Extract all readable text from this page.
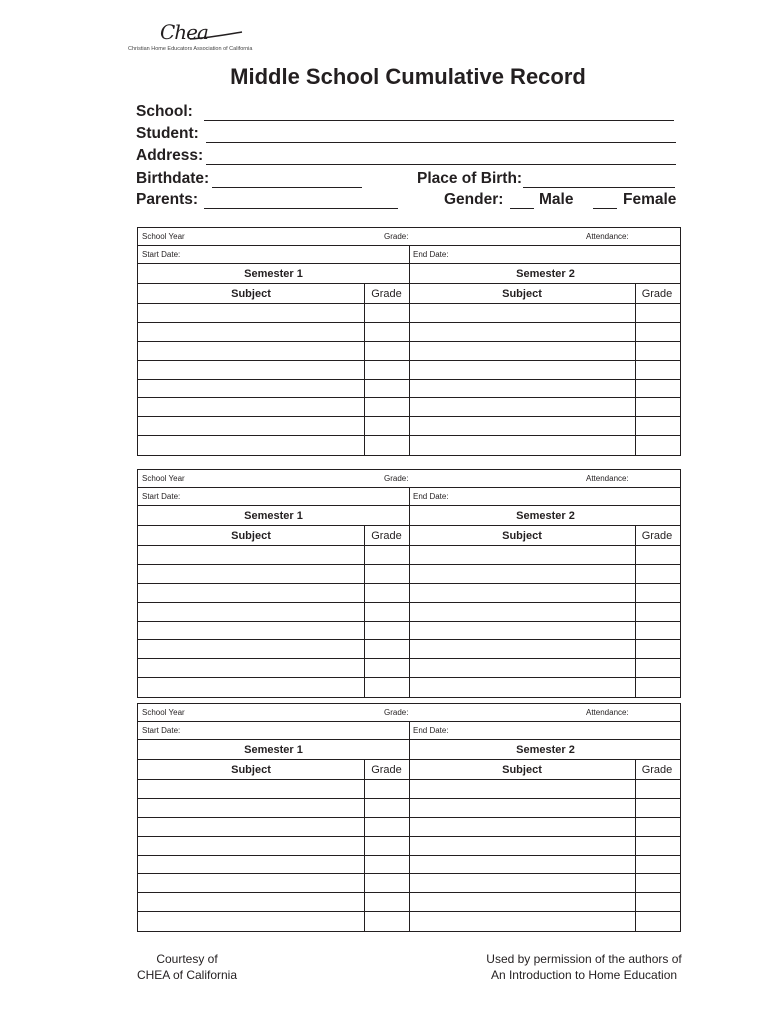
Chea
Christian Home Educators Association of California
Middle School Cumulative Record
School:
Student:
Address:
Birthdate:	Place of Birth:
Parents:	Gender: Male	Female
School Year	Grade:	Attendance:
Start Date:	End Date:
Semester 1	Semester 2
Subject	Grade	Subject	Grade
School Year	Grade:	Attendance:
Start Date:	End Date:
Semester 1	Semester 2
Subject	Grade	Subject	Grade
School Year	Grade:	Attendance:
Start Date:	End Date:
Semester 1	Semester 2
Subject	Grade	Subject	Grade
Courtesy of
CHEA of California
Used by permission of the authors of
An Introduction to Home Education
